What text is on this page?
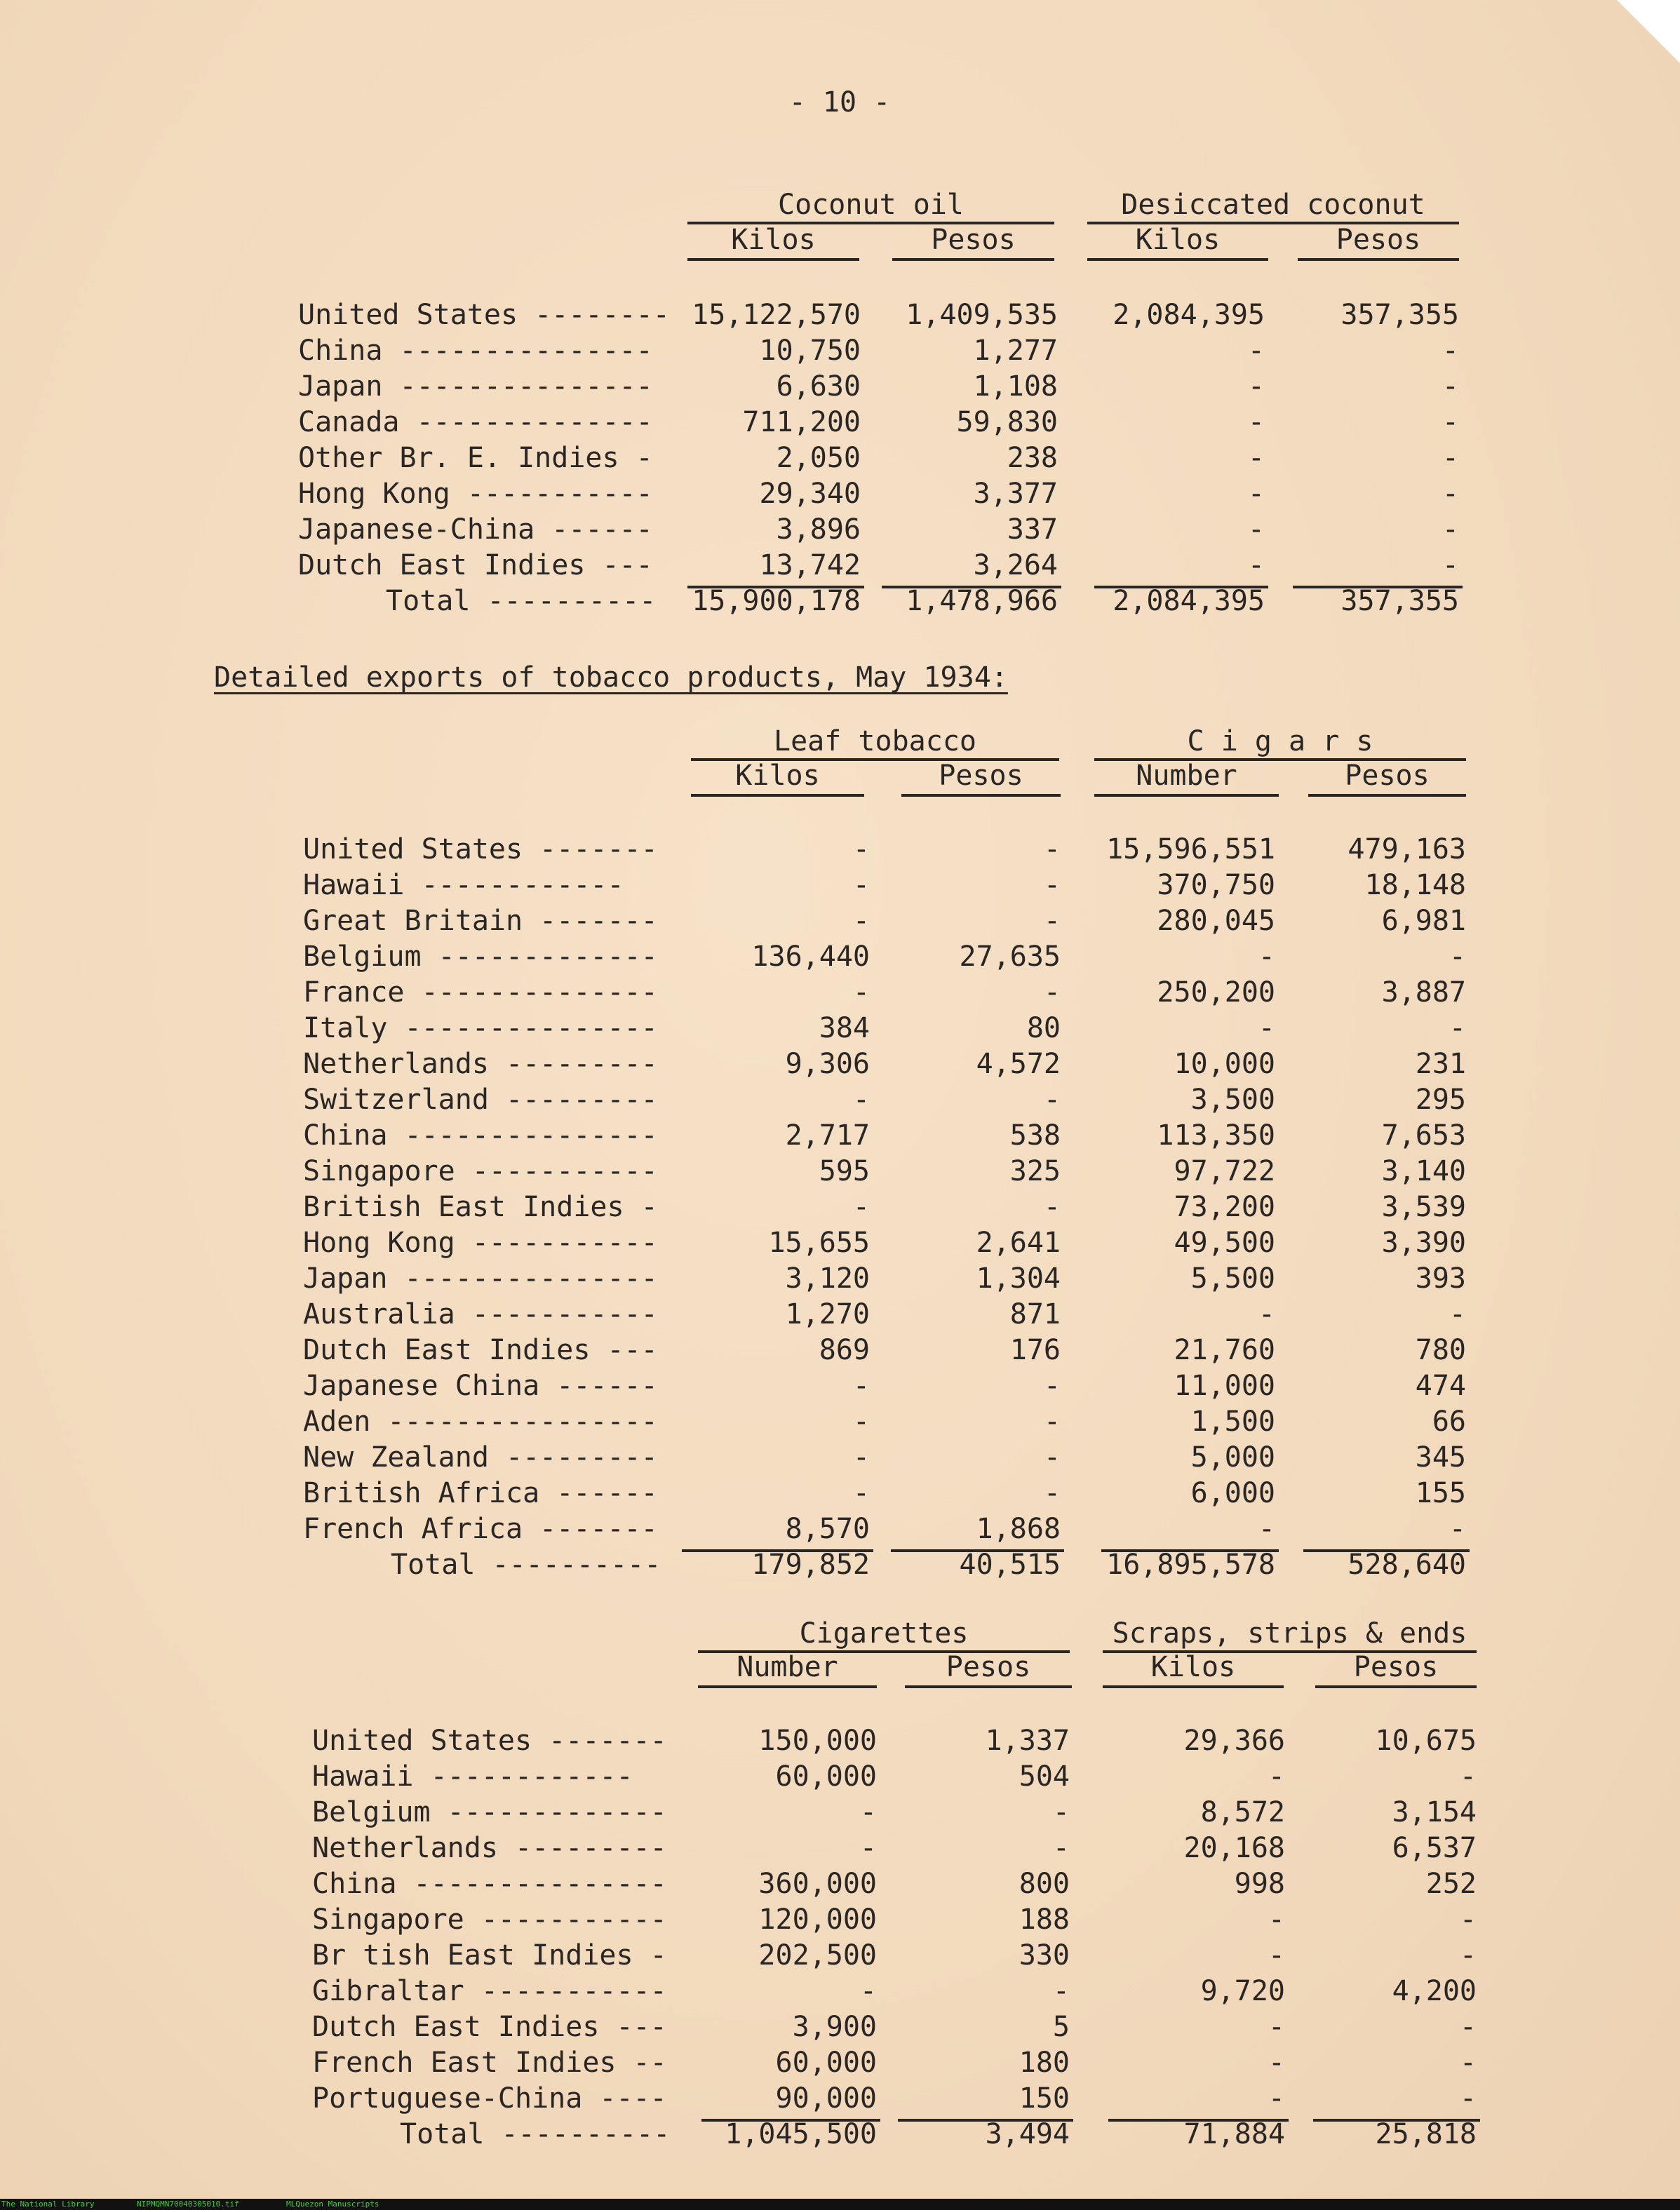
- 10 -
Coconut oil	Desiccated coconut
Kilos	Pesos	Kilos	Pesos
United States -------- 15,122,570	1,409,535	2,084,395	357,355
China ---------------	10,750	1,277	-	-
Japan ---------------	6,630	1,108	-	-
Canada --------------	711,200	59,830	-	-
Other Br. E. Indies -	2,050	238	-	-
Hong Kong -----------	29,340	3,377	-	-
Japanese-China ------	3,896	337	-	-
Dutch East Indies ---	13,742	3,264	-	-
Total ----------	15,900,178	1,478,966	2,084,395	357,355
Leaf tobacco	C i g a r s
Kilos	Pesos	Number	Pesos
United States -------	-	-	15,596,551	479,163
Hawaii ------------	-	-	370,750	18,148
Great Britain -------	-	-	280,045	6,981
Belgium -------------	136,440	27,635	-	-
France --------------	-	-	250,200	3,887
Italy ---------------	384	80	-	-
Netherlands ---------	9,306	4,572	10,000	231
Switzerland ---------	-	-	3,500	295
China ---------------	2,717	538	113,350	7,653
Singapore -----------	595	325	97,722	3,140
British East Indies -	-	-	73,200	3,539
Hong Kong -----------	15,655	2,641	49,500	3,390
Japan ---------------	3,120	1,304	5,500	393
Australia -----------	1,270	871	-	-
Dutch East Indies ---	869	176	21,760	780
Japanese China ------	-	-	11,000	474
Aden ----------------	-	-	1,500	66
New Zealand ---------	-	-	5,000	345
British Africa ------	-	-	6,000	155
French Africa -------	8,570	1,868	-	-
Total ----------	179,852	40,515	16,895,578	528,640
Cigarettes	Scraps, strips & ends
Number	Pesos	Kilos	Pesos
United States -------	150,000	1,337	29,366	10,675
Hawaii ------------	60,000	504	-	-
Belgium -------------	-	-	8,572	3,154
Netherlands ---------	-	-	20,168	6,537
China ---------------	360,000	800	998	252
Singapore -----------	120,000	188	-	-
Br tish East Indies -	202,500	330	-	-
Gibraltar -----------	-	-	9,720	4,200
Dutch East Indies ---	3,900	5	-	-
French East Indies --	60,000	180	-	-
Portuguese-China ----	90,000	150	-	-
Total ----------	1,045,500	3,494	71,884	25,818
Detailed exports of tobacco products, May 1934:
The National Library	NIPMQMN70040305010.tif	MLQuezon Manuscripts
